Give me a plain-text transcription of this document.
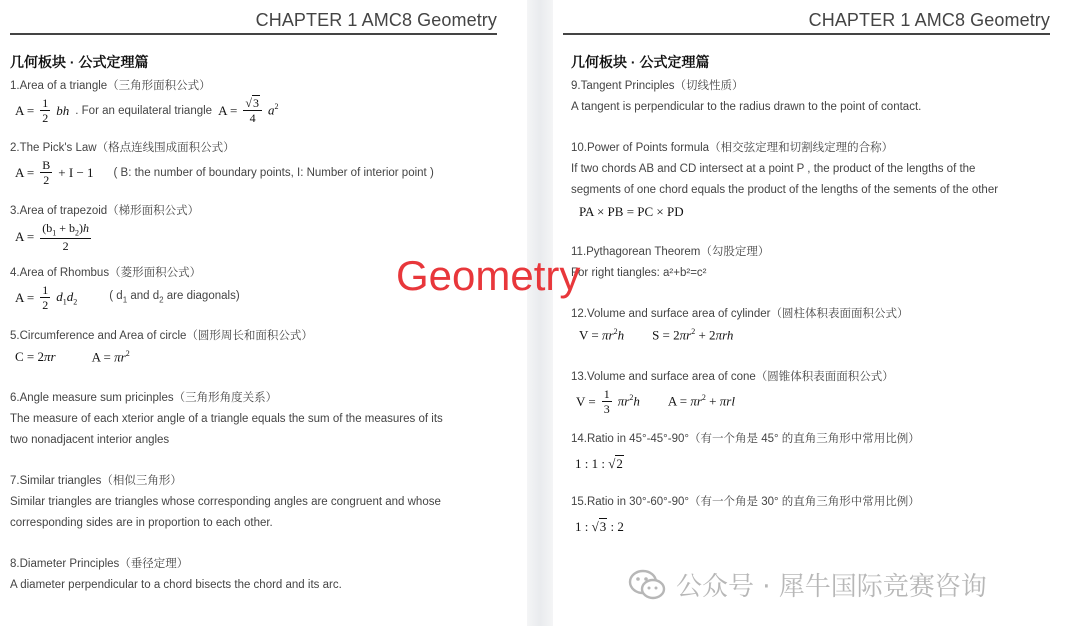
CHAPTER 1 AMC8 Geometry
几何板块 · 公式定理篇
1.Area of a triangle（三角形面积公式）
$A = \frac{1}{2}$ bh . For an equilateral triangle $A = \frac{√3}{4} a^2$
2.The Pick's Law（格点连线围成面积公式）
$A = \frac{B}{2} + I - 1$ ( B: the number of boundary points, I: Number of interior point )
3.Area of trapezoid（梯形面积公式）
$A = \frac{(b_1 + b_2)h}{2}$
4.Area of Rhombus（菱形面积公式）
$A = \frac{1}{2} d_1d_2$	( $d_1$ and $d_2$ are diagonals)
5.Circumference and Area of circle（圆形周长和面积公式）
C = 2πr	$A = \pi r^2$
6.Angle measure sum pricinples（三角形角度关系）
The measure of each xterior angle of a triangle equals the sum of the measures of its
two nonadjacent interior angles
7.Similar triangles（相似三角形）
Similar triangles are triangles whose corresponding angles are congruent and whose
corresponding sides are in proportion to each other.
8.Diameter Principles（垂径定理）
A diameter perpendicular to a chord bisects the chord and its arc.
CHAPTER 1 AMC8 Geometry
几何板块 · 公式定理篇
9.Tangent Principles（切线性质）
A tangent is perpendicular to the radius drawn to the point of contact.
10.Power of Points formula（相交弦定理和切割线定理的合称）
If two chords AB and CD intersect at a point P , the product of the lengths of the
segments of one chord equals the product of the lengths of the sements of the other
PA × PB = PC × PD
11.Pythagorean Theorem（勾股定理）
For right tiangles: a²+b²=c²
12.Volume and surface area of cylinder（圆柱体积表面面积公式）
$V = \pi r^2h$ $S = 2\pi r^2 + 2\pi rh$
13.Volume and surface area of cone（圆锥体积表面面积公式）
$V = \frac{1}{3} \pi r^2h$ $A = \pi r^2 + \pi rl$
14.Ratio in 45°-45°-90°（有一个角是 45° 的直角三角形中常用比例）
1 : 1 : √2
15.Ratio in 30°-60°-90°（有一个角是 30° 的直角三角形中常用比例）
1 : √3 : 2
Geometry
公众号 · 犀牛国际竞赛咨询
